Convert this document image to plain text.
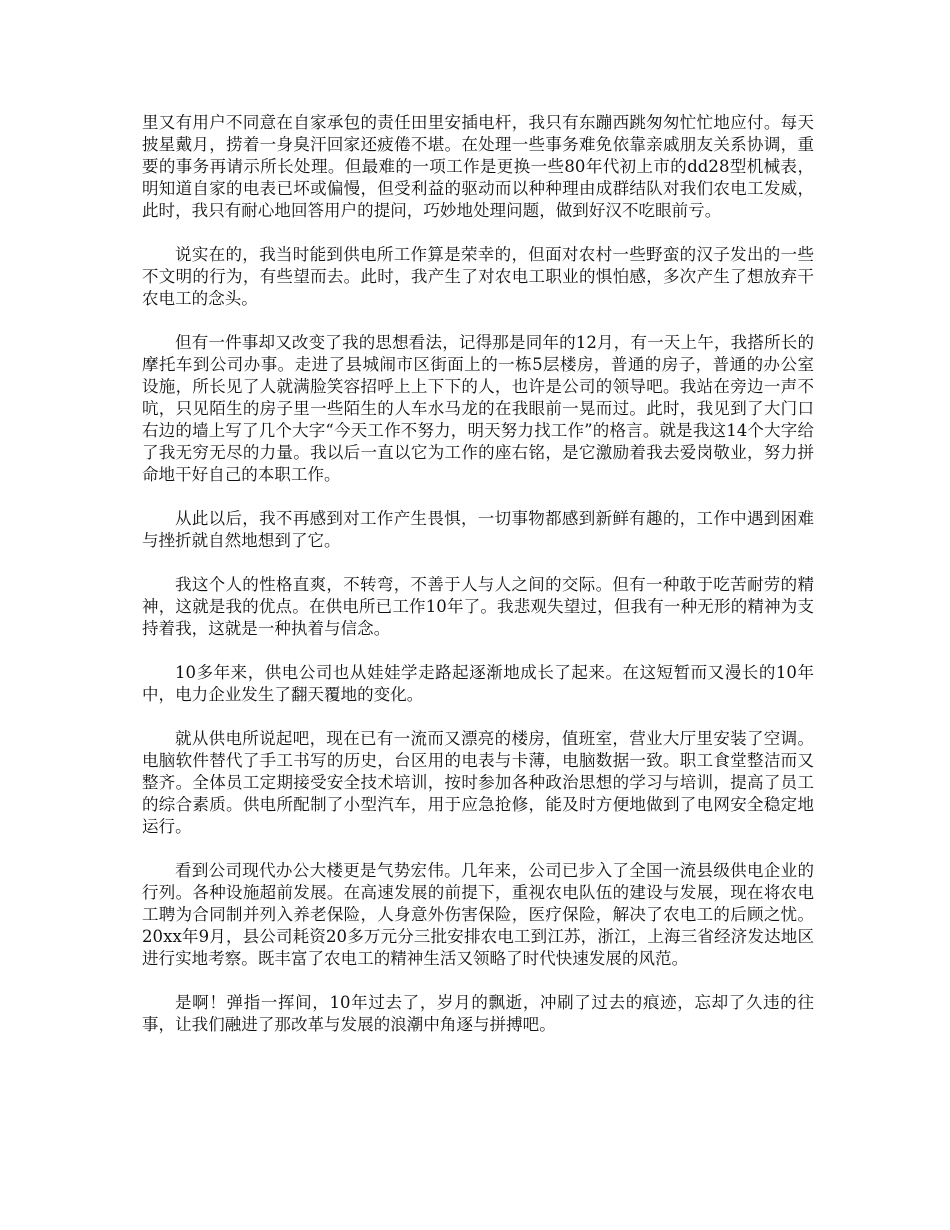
里又有用户不同意在自家承包的责任田里安插电杆，我只有东蹦西跳匆匆忙忙地应付。每天披星戴月，捞着一身臭汗回家还疲倦不堪。在处理一些事务难免依靠亲戚朋友关系协调，重要的事务再请示所长处理。但最难的一项工作是更换一些80年代初上市的dd28型机械表，明知道自家的电表已坏或偏慢，但受利益的驱动而以种种理由成群结队对我们农电工发威，此时，我只有耐心地回答用户的提问，巧妙地处理问题，做到好汉不吃眼前亏。

说实在的，我当时能到供电所工作算是荣幸的，但面对农村一些野蛮的汉子发出的一些不文明的行为，有些望而去。此时，我产生了对农电工职业的惧怕感，多次产生了想放弃干农电工的念头。

但有一件事却又改变了我的思想看法，记得那是同年的12月，有一天上午，我搭所长的摩托车到公司办事。走进了县城闹市区街面上的一栋5层楼房，普通的房子，普通的办公室设施，所长见了人就满脸笑容招呼上上下下的人，也许是公司的领导吧。我站在旁边一声不吭，只见陌生的房子里一些陌生的人车水马龙的在我眼前一晃而过。此时，我见到了大门口右边的墙上写了几个大字“今天工作不努力，明天努力找工作”的格言。就是我这14个大字给了我无穷无尽的力量。我以后一直以它为工作的座右铭，是它激励着我去爱岗敬业，努力拼命地干好自己的本职工作。

从此以后，我不再感到对工作产生畏惧，一切事物都感到新鲜有趣的，工作中遇到困难与挫折就自然地想到了它。

我这个人的性格直爽，不转弯，不善于人与人之间的交际。但有一种敢于吃苦耐劳的精神，这就是我的优点。在供电所已工作10年了。我悲观失望过，但我有一种无形的精神为支持着我，这就是一种执着与信念。

10多年来，供电公司也从娃娃学走路起逐渐地成长了起来。在这短暂而又漫长的10年中，电力企业发生了翻天覆地的变化。

就从供电所说起吧，现在已有一流而又漂亮的楼房，值班室，营业大厅里安装了空调。电脑软件替代了手工书写的历史，台区用的电表与卡薄，电脑数据一致。职工食堂整洁而又整齐。全体员工定期接受安全技术培训，按时参加各种政治思想的学习与培训，提高了员工的综合素质。供电所配制了小型汽车，用于应急抢修，能及时方便地做到了电网安全稳定地运行。

看到公司现代办公大楼更是气势宏伟。几年来，公司已步入了全国一流县级供电企业的行列。各种设施超前发展。在高速发展的前提下，重视农电队伍的建设与发展，现在将农电工聘为合同制并列入养老保险，人身意外伤害保险，医疗保险，解决了农电工的后顾之忧。20xx年9月，县公司耗资20多万元分三批安排农电工到江苏，浙江，上海三省经济发达地区进行实地考察。既丰富了农电工的精神生活又领略了时代快速发展的风范。

是啊！弹指一挥间，10年过去了，岁月的飘逝，冲刷了过去的痕迹，忘却了久违的往事，让我们融进了那改革与发展的浪潮中角逐与拼搏吧。
